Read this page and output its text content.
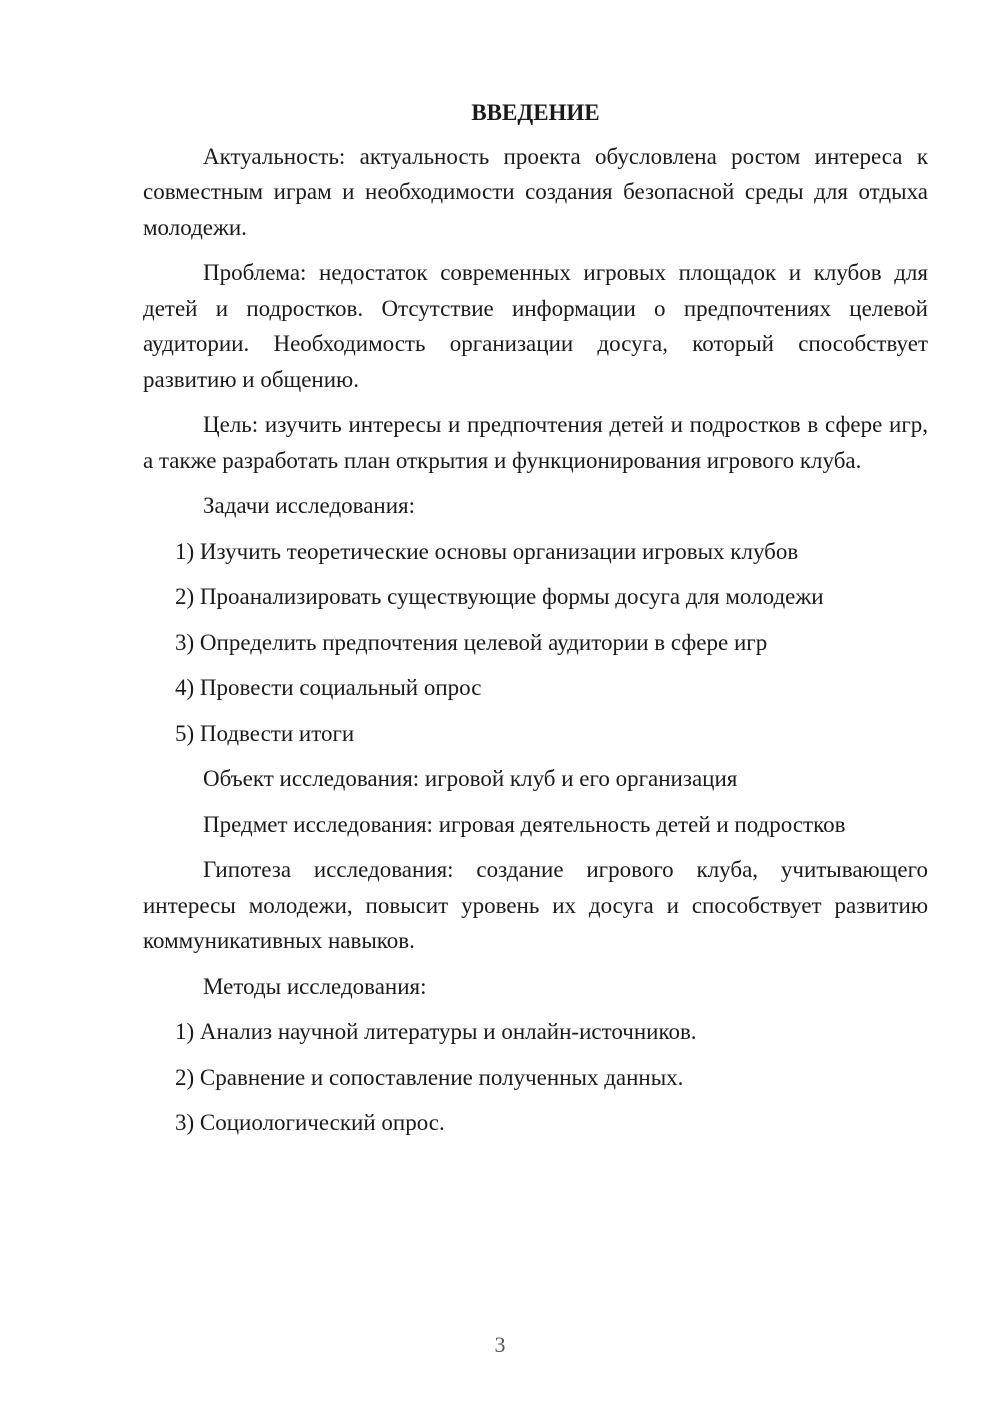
ВВЕДЕНИЕ

Актуальность: актуальность проекта обусловлена ростом интереса к совместным играм и необходимости создания безопасной среды для отдыха молодежи.

Проблема: недостаток современных игровых площадок и клубов для детей и подростков. Отсутствие информации о предпочтениях целевой аудитории. Необходимость организации досуга, который способствует развитию и общению.

Цель: изучить интересы и предпочтения детей и подростков в сфере игр, а также разработать план открытия и функционирования игрового клуба.

Задачи исследования:
1) Изучить теоретические основы организации игровых клубов
2) Проанализировать существующие формы досуга для молодежи
3) Определить предпочтения целевой аудитории в сфере игр
4) Провести социальный опрос
5) Подвести итоги
Объект исследования: игровой клуб и его организация
Предмет исследования: игровая деятельность детей и подростков

Гипотеза исследования: создание игрового клуба, учитывающего интересы молодежи, повысит уровень их досуга и способствует развитию коммуникативных навыков.

Методы исследования:
1) Анализ научной литературы и онлайн-источников.
2) Сравнение и сопоставление полученных данных.
3) Социологический опрос.
3
